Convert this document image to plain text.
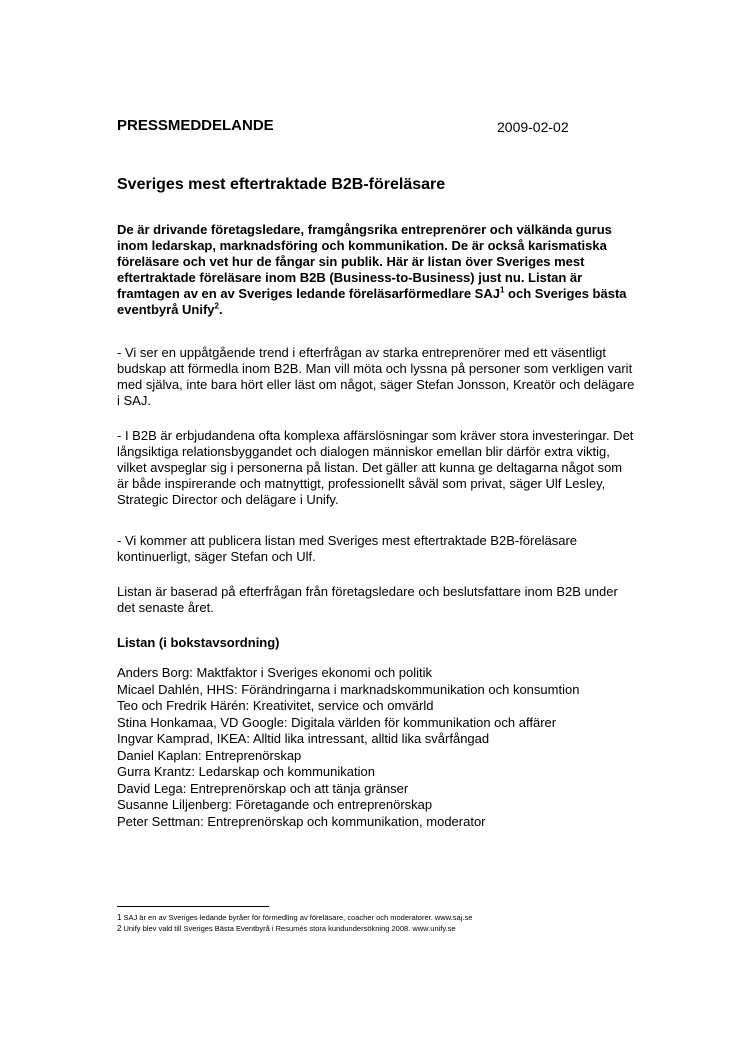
PRESSMEDDELANDE	2009-02-02
Sveriges mest eftertraktade B2B-föreläsare
De är drivande företagsledare, framgångsrika entreprenörer och välkända gurus inom ledarskap, marknadsföring och kommunikation. De är också karismatiska föreläsare och vet hur de fångar sin publik. Här är listan över Sveriges mest eftertraktade föreläsare inom B2B (Business-to-Business) just nu. Listan är framtagen av en av Sveriges ledande föreläsarförmedlare SAJ$^1$ och Sveriges bästa eventbyrå Unify$^2$.
- Vi ser en uppåtgående trend i efterfrågan av starka entreprenörer med ett väsentligt budskap att förmedla inom B2B. Man vill möta och lyssna på personer som verkligen varit med själva, inte bara hört eller läst om något, säger Stefan Jonsson, Kreatör och delägare i SAJ.
- I B2B är erbjudandena ofta komplexa affärslösningar som kräver stora investeringar. Det långsiktiga relationsbyggandet och dialogen människor emellan blir därför extra viktig, vilket avspeglar sig i personerna på listan. Det gäller att kunna ge deltagarna något som är både inspirerande och matnyttigt, professionellt såväl som privat, säger Ulf Lesley, Strategic Director och delägare i Unify.
- Vi kommer att publicera listan med Sveriges mest eftertraktade B2B-föreläsare kontinuerligt, säger Stefan och Ulf.
Listan är baserad på efterfrågan från företagsledare och beslutsfattare inom B2B under det senaste året.
Listan (i bokstavsordning)
Anders Borg: Maktfaktor i Sveriges ekonomi och politik
Micael Dahlén, HHS: Förändringarna i marknadskommunikation och konsumtion
Teo och Fredrik Härén: Kreativitet, service och omvärld
Stina Honkamaa, VD Google: Digitala världen för kommunikation och affärer
Ingvar Kamprad, IKEA: Alltid lika intressant, alltid lika svårfångad
Daniel Kaplan: Entreprenörskap
Gurra Krantz: Ledarskap och kommunikation
David Lega: Entreprenörskap och att tänja gränser
Susanne Liljenberg: Företagande och entreprenörskap
Peter Settman: Entreprenörskap och kommunikation, moderator
1 SAJ är en av Sveriges ledande byråer för förmedling av föreläsare, coacher och moderatorer. www.saj.se
2 Unify blev vald till Sveriges Bästa Eventbyrå i Resumés stora kundundersökning 2008. www.unify.se
